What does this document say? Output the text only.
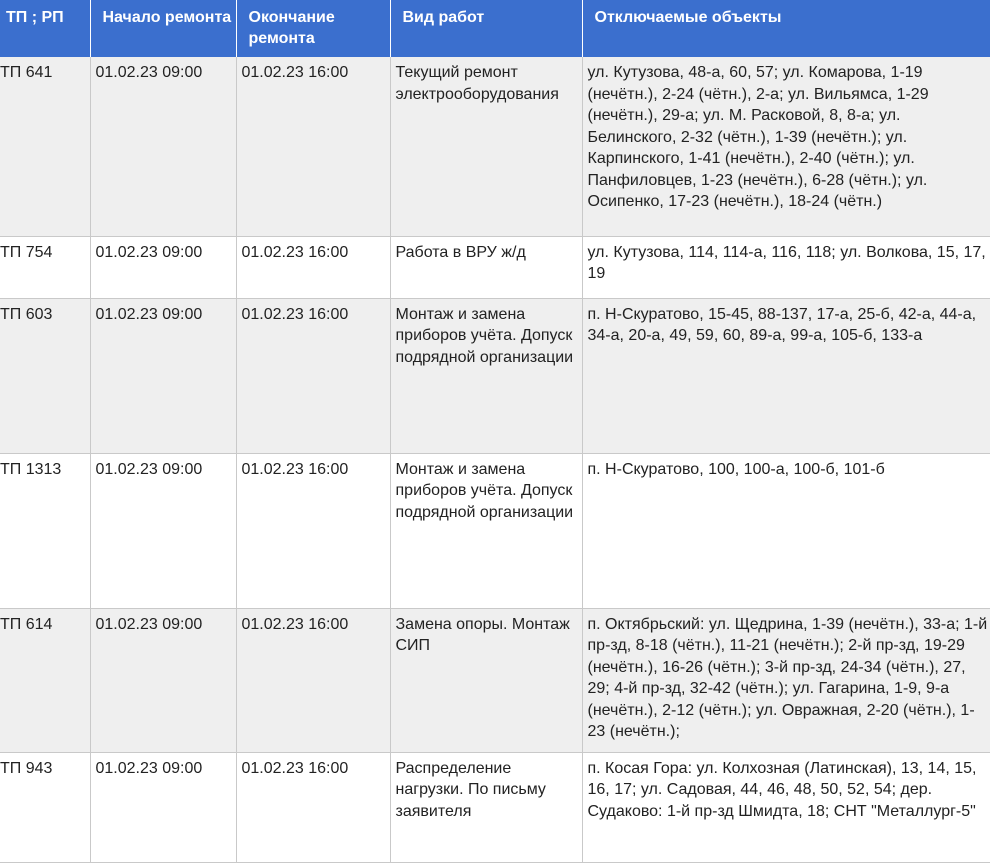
ТП ; РП	Начало ремонта	Окончание ремонта	Вид работ	Отключаемые объекты
ТП 641	01.02.23 09:00	01.02.23 16:00	Текущий ремонт электрооборудования	ул. Кутузова, 48-а, 60, 57; ул. Комарова, 1-19 (нечётн.), 2-24 (чётн.), 2-а; ул. Вильямса, 1-29 (нечётн.), 29-а; ул. М. Расковой, 8, 8-а; ул. Белинского, 2-32 (чётн.), 1-39 (нечётн.); ул. Карпинского, 1-41 (нечётн.), 2-40 (чётн.); ул. Панфиловцев, 1-23 (нечётн.), 6-28 (чётн.); ул. Осипенко, 17-23 (нечётн.), 18-24 (чётн.)
ТП 754	01.02.23 09:00	01.02.23 16:00	Работа в ВРУ ж/д	ул. Кутузова, 114, 114-а, 116, 118; ул. Волкова, 15, 17, 19
ТП 603	01.02.23 09:00	01.02.23 16:00	Монтаж и замена приборов учёта. Допуск подрядной организации	п. Н-Скуратово, 15-45, 88-137, 17-а, 25-б, 42-а, 44-а, 34-а, 20-а, 49, 59, 60, 89-а, 99-а, 105-б, 133-а
ТП 1313	01.02.23 09:00	01.02.23 16:00	Монтаж и замена приборов учёта. Допуск подрядной организации	п. Н-Скуратово, 100, 100-а, 100-б, 101-б
ТП 614	01.02.23 09:00	01.02.23 16:00	Замена опоры. Монтаж СИП	п. Октябрьский: ул. Щедрина, 1-39 (нечётн.), 33-а; 1-й пр-зд, 8-18 (чётн.), 11-21 (нечётн.); 2-й пр-зд, 19-29 (нечётн.), 16-26 (чётн.); 3-й пр-зд, 24-34 (чётн.), 27, 29; 4-й пр-зд, 32-42 (чётн.); ул. Гагарина, 1-9, 9-а (нечётн.), 2-12 (чётн.); ул. Овражная, 2-20 (чётн.), 1-23 (нечётн.);
ТП 943	01.02.23 09:00	01.02.23 16:00	Распределение нагрузки. По письму заявителя	п. Косая Гора: ул. Колхозная (Латинская), 13, 14, 15, 16, 17; ул. Садовая, 44, 46, 48, 50, 52, 54; дер. Судаково: 1-й пр-зд Шмидта, 18; СНТ "Металлург-5"
